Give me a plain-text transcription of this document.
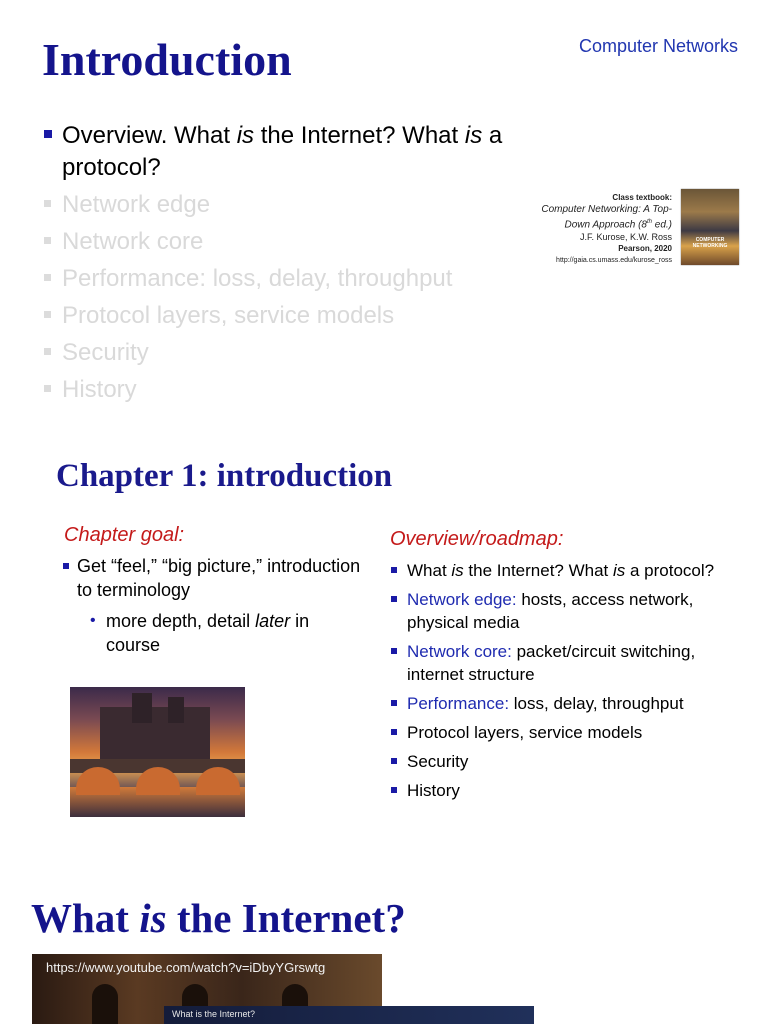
Introduction	Computer Networks
Overview. What is the Internet? What is a protocol?
Network edge
Network core
Performance: loss, delay, throughput
Protocol layers, service models
Security
History
Class textbook:
Computer Networking: A Top-
Down Approach (8th ed.)
J.F. Kurose, K.W. Ross
Pearson, 2020
http://gaia.cs.umass.edu/kurose_ross
COMPUTER NETWORKING
Chapter 1: introduction
Chapter goal:
Get “feel,” “big picture,” introduction to terminology
• more depth, detail later in course
Overview/roadmap:
What is the Internet? What is a protocol?
Network edge: hosts, access network, physical media
Network core: packet/circuit switching, internet structure
Performance: loss, delay, throughput
Protocol layers, service models
Security
History
What is the Internet?
https://www.youtube.com/watch?v=iDbyYGrswtg
What is the Internet?
